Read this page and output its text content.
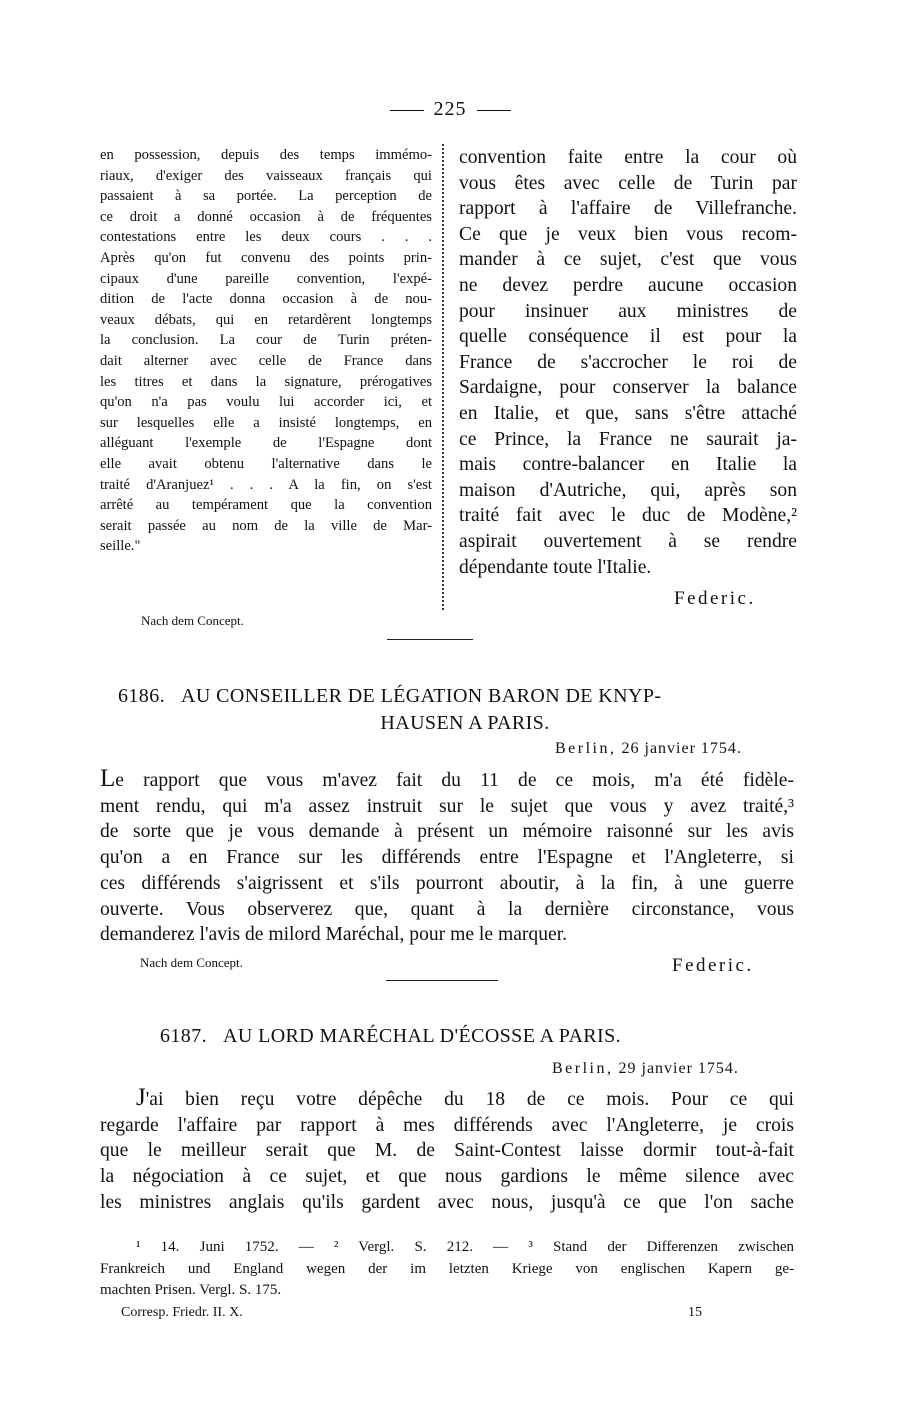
225
en possession, depuis des temps immémo-
riaux, d'exiger des vaisseaux français qui
passaient à sa portée. La perception de
ce droit a donné occasion à de fréquentes
contestations entre les deux cours . . .
Après qu'on fut convenu des points prin-
cipaux d'une pareille convention, l'expé-
dition de l'acte donna occasion à de nou-
veaux débats, qui en retardèrent longtemps
la conclusion. La cour de Turin préten-
dait alterner avec celle de France dans
les titres et dans la signature, prérogatives
qu'on n'a pas voulu lui accorder ici, et
sur lesquelles elle a insisté longtemps, en
alléguant l'exemple de l'Espagne dont
elle avait obtenu l'alternative dans le
traité d'Aranjuez¹ . . . A la fin, on s'est
arrêté au tempérament que la convention
serait passée au nom de la ville de Mar-
seille."
convention faite entre la cour où
vous êtes avec celle de Turin par
rapport à l'affaire de Villefranche.
Ce que je veux bien vous recom-
mander à ce sujet, c'est que vous
ne devez perdre aucune occasion
pour insinuer aux ministres de
quelle conséquence il est pour la
France de s'accrocher le roi de
Sardaigne, pour conserver la balance
en Italie, et que, sans s'être attaché
ce Prince, la France ne saurait ja-
mais contre-balancer en Italie la
maison d'Autriche, qui, après son
traité fait avec le duc de Modène,²
aspirait ouvertement à se rendre
dépendante toute l'Italie.
Federic.
Nach dem Concept.
6186. AU CONSEILLER DE LÉGATION BARON DE KNYP-
HAUSEN A PARIS.
Berlin, 26 janvier 1754.
Le rapport que vous m'avez fait du 11 de ce mois, m'a été fidèle-
ment rendu, qui m'a assez instruit sur le sujet que vous y avez traité,³
de sorte que je vous demande à présent un mémoire raisonné sur les avis
qu'on a en France sur les différends entre l'Espagne et l'Angleterre, si
ces différends s'aigrissent et s'ils pourront aboutir, à la fin, à une guerre
ouverte. Vous observerez que, quant à la dernière circonstance, vous
demanderez l'avis de milord Maréchal, pour me le marquer.
Nach dem Concept.	Federic.
6187. AU LORD MARÉCHAL D'ÉCOSSE A PARIS.
Berlin, 29 janvier 1754.
J'ai bien reçu votre dépêche du 18 de ce mois. Pour ce qui
regarde l'affaire par rapport à mes différends avec l'Angleterre, je crois
que le meilleur serait que M. de Saint-Contest laisse dormir tout-à-fait
la négociation à ce sujet, et que nous gardions le même silence avec
les ministres anglais qu'ils gardent avec nous, jusqu'à ce que l'on sache
¹ 14. Juni 1752. — ² Vergl. S. 212. — ³ Stand der Differenzen zwischen
Frankreich und England wegen der im letzten Kriege von englischen Kapern ge-
machten Prisen. Vergl. S. 175.
Corresp. Friedr. II. X.	15
